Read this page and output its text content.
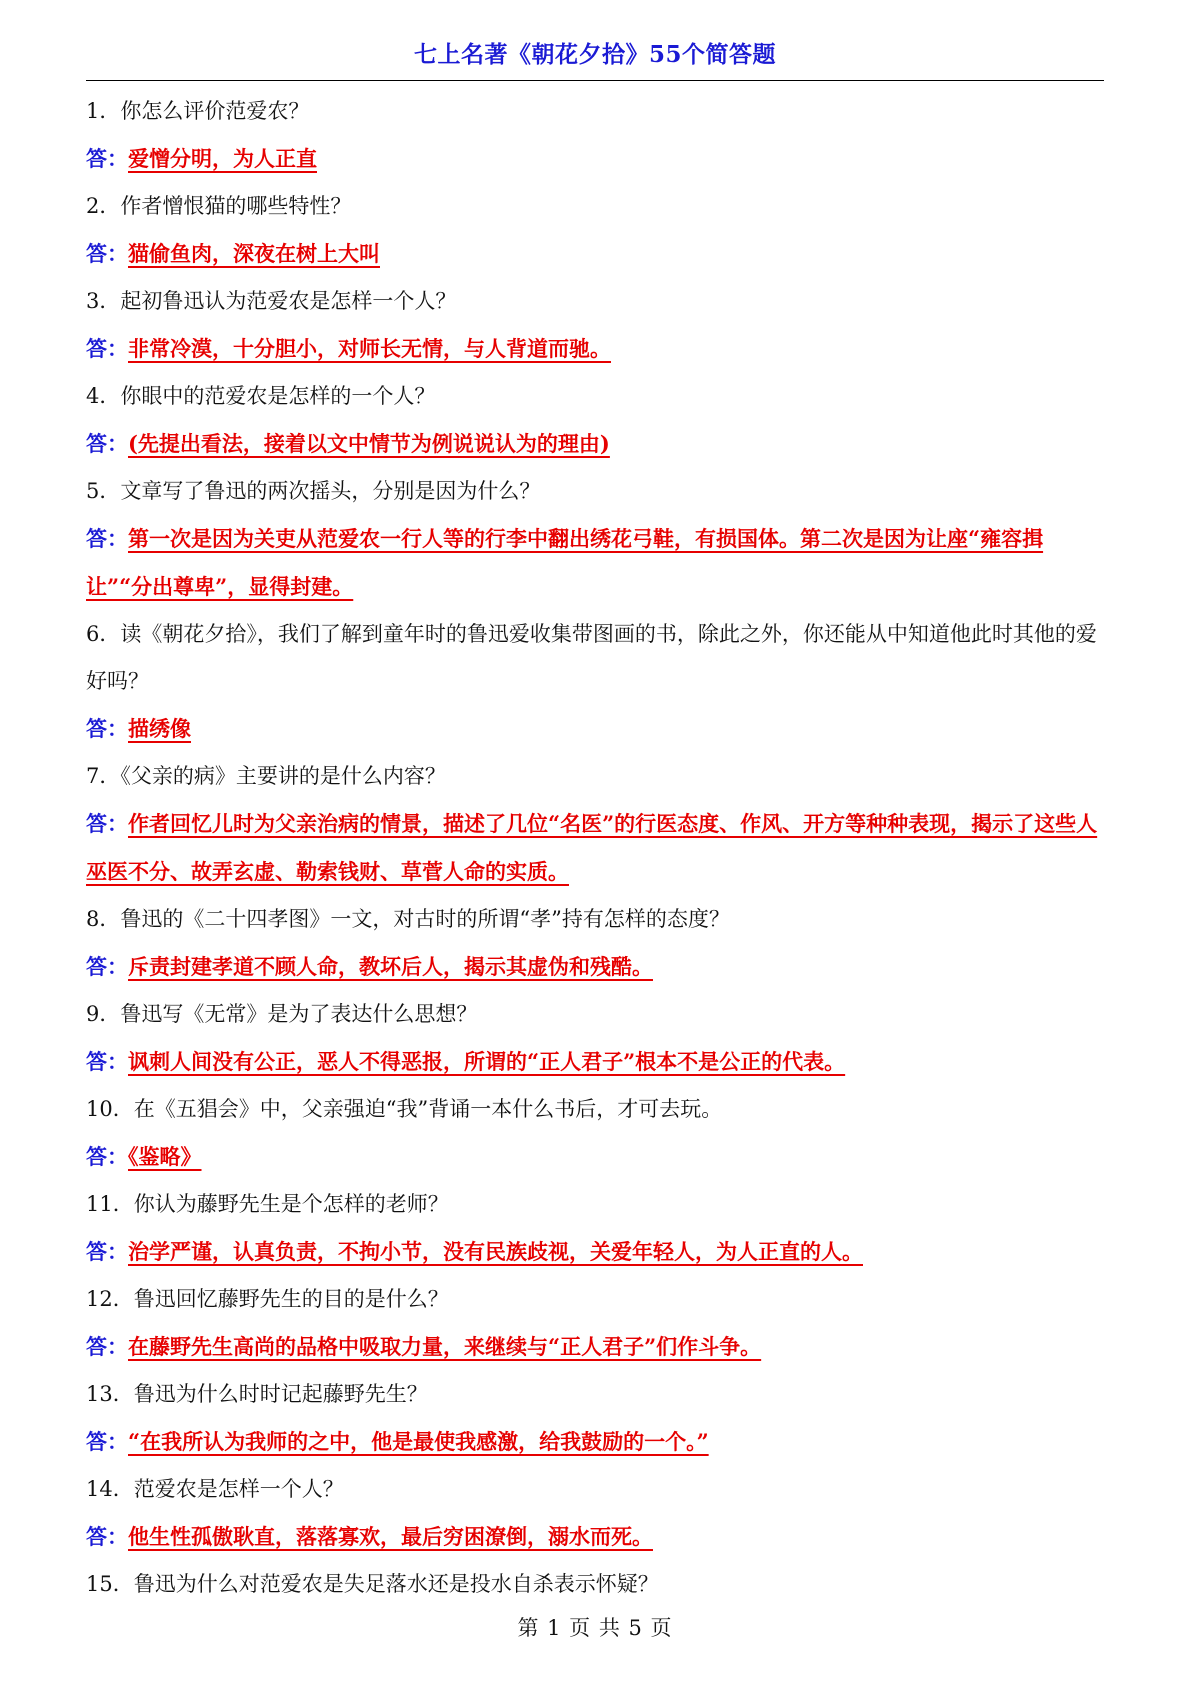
七上名著《朝花夕拾》55个简答题

1．你怎么评价范爱农？

答：爱憎分明，为人正直

2．作者憎恨猫的哪些特性？

答：猫偷鱼肉，深夜在树上大叫

3．起初鲁迅认为范爱农是怎样一个人？

答：非常冷漠，十分胆小，对师长无情，与人背道而驰。

4．你眼中的范爱农是怎样的一个人？

答：(先提出看法，接着以文中情节为例说说认为的理由)

5．文章写了鲁迅的两次摇头，分别是因为什么？

答：第一次是因为关吏从范爱农一行人等的行李中翻出绣花弓鞋，有损国体。第二次是因为让座“雍容揖让”“分出尊卑”，显得封建。

6．读《朝花夕拾》，我们了解到童年时的鲁迅爱收集带图画的书，除此之外，你还能从中知道他此时其他的爱好吗？

答：描绣像

7．《父亲的病》主要讲的是什么内容？

答：作者回忆儿时为父亲治病的情景，描述了几位“名医”的行医态度、作风、开方等种种表现，揭示了这些人巫医不分、故弄玄虚、勒索钱财、草菅人命的实质。

8．鲁迅的《二十四孝图》一文，对古时的所谓“孝”持有怎样的态度？

答：斥责封建孝道不顾人命，教坏后人，揭示其虚伪和残酷。

9．鲁迅写《无常》是为了表达什么思想？

答：讽刺人间没有公正，恶人不得恶报，所谓的“正人君子”根本不是公正的代表。

10．在《五猖会》中，父亲强迫“我”背诵一本什么书后，才可去玩。

答：《鉴略》

11．你认为藤野先生是个怎样的老师？

答：治学严谨，认真负责，不拘小节，没有民族歧视，关爱年轻人，为人正直的人。

12．鲁迅回忆藤野先生的目的是什么？

答：在藤野先生高尚的品格中吸取力量，来继续与“正人君子”们作斗争。

13．鲁迅为什么时时记起藤野先生？

答：“在我所认为我师的之中，他是最使我感激，给我鼓励的一个。”

14．范爱农是怎样一个人？

答：他生性孤傲耿直，落落寡欢，最后穷困潦倒，溺水而死。

15．鲁迅为什么对范爱农是失足落水还是投水自杀表示怀疑？

第 1 页 共 5 页
